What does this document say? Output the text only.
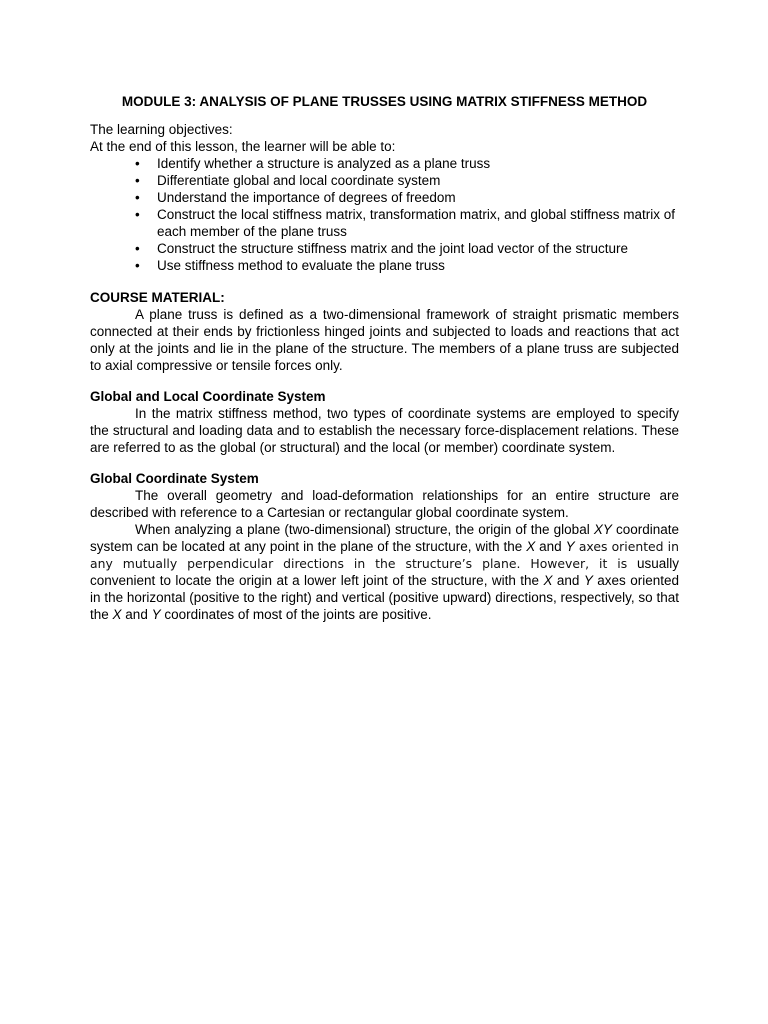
MODULE 3: ANALYSIS OF PLANE TRUSSES USING MATRIX STIFFNESS METHOD

The learning objectives:

At the end of this lesson, the learner will be able to:

•	Identify whether a structure is analyzed as a plane truss
•	Differentiate global and local coordinate system
•	Understand the importance of degrees of freedom
•	Construct the local stiffness matrix, transformation matrix, and global stiffness matrix of each member of the plane truss
•	Construct the structure stiffness matrix and the joint load vector of the structure
•	Use stiffness method to evaluate the plane truss

COURSE MATERIAL:

A plane truss is defined as a two-dimensional framework of straight prismatic members connected at their ends by frictionless hinged joints and subjected to loads and reactions that act only at the joints and lie in the plane of the structure. The members of a plane truss are subjected to axial compressive or tensile forces only.

Global and Local Coordinate System

In the matrix stiffness method, two types of coordinate systems are employed to specify the structural and loading data and to establish the necessary force-displacement relations. These are referred to as the global (or structural) and the local (or member) coordinate system.

Global Coordinate System

The overall geometry and load-deformation relationships for an entire structure are described with reference to a Cartesian or rectangular global coordinate system.

When analyzing a plane (two-dimensional) structure, the origin of the global XY coordinate system can be located at any point in the plane of the structure, with the X and Y axes oriented in any mutually perpendicular directions in the structure’s plane. However, it is usually convenient to locate the origin at a lower left joint of the structure, with the X and Y axes oriented in the horizontal (positive to the right) and vertical (positive upward) directions, respectively, so that the X and Y coordinates of most of the joints are positive.
